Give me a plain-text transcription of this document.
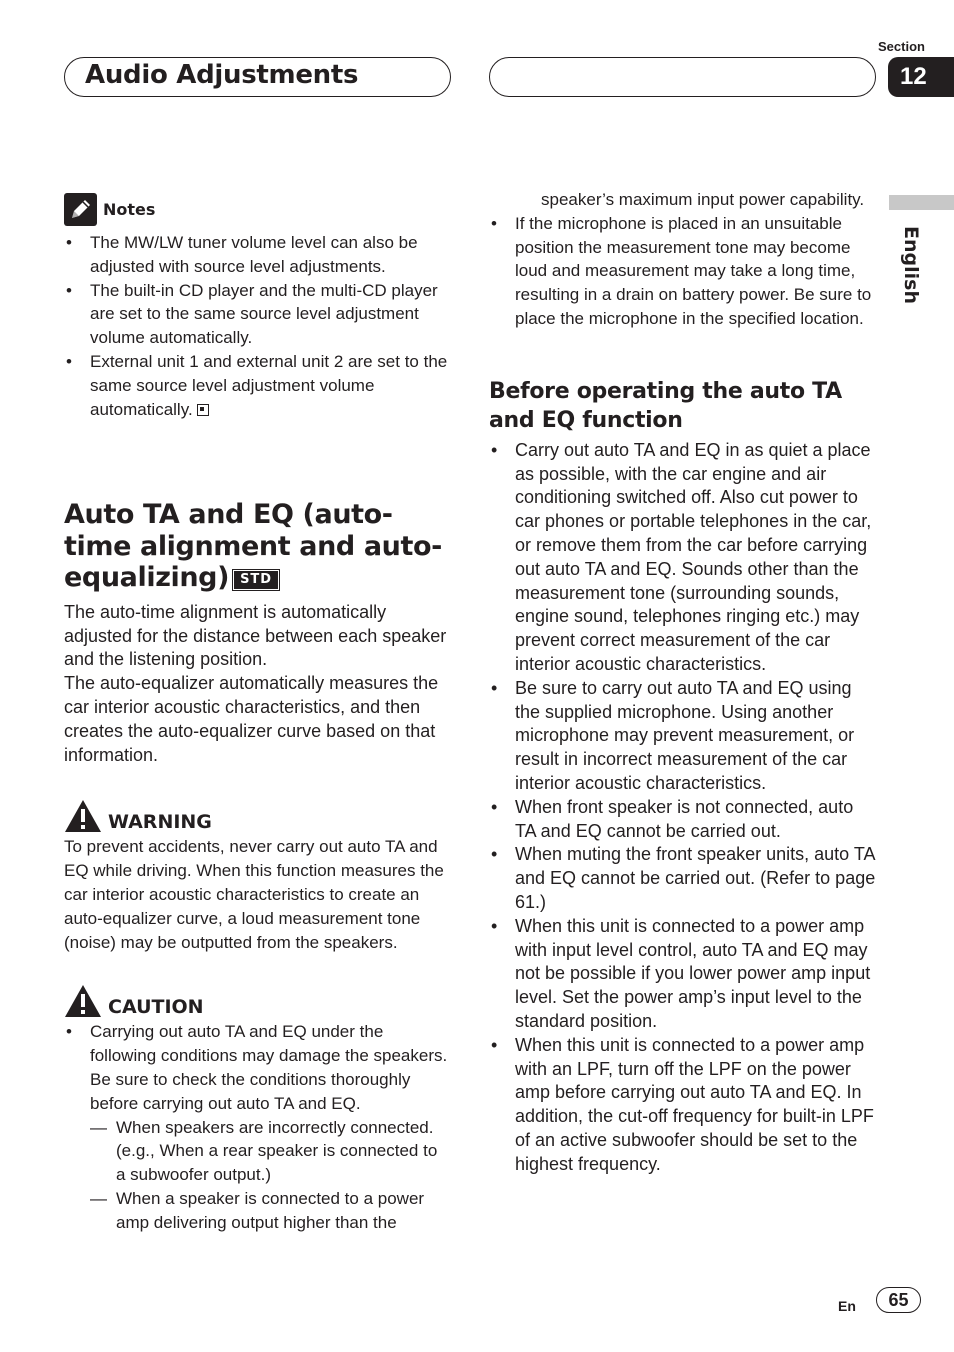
Audio Adjustments
Section
12
English
Notes
• The MW/LW tuner volume level can also be adjusted with source level adjustments.
• The built-in CD player and the multi-CD player are set to the same source level adjustment volume automatically.
• External unit 1 and external unit 2 are set to the same source level adjustment volume automatically.
Auto TA and EQ (auto-time alignment and auto-equalizing) STD
The auto-time alignment is automatically adjusted for the distance between each speaker and the listening position.
The auto-equalizer automatically measures the car interior acoustic characteristics, and then creates the auto-equalizer curve based on that information.
WARNING
To prevent accidents, never carry out auto TA and EQ while driving. When this function measures the car interior acoustic characteristics to create an auto-equalizer curve, a loud measurement tone (noise) may be outputted from the speakers.
CAUTION
• Carrying out auto TA and EQ under the following conditions may damage the speakers. Be sure to check the conditions thoroughly before carrying out auto TA and EQ.
— When speakers are incorrectly connected. (e.g., When a rear speaker is connected to a subwoofer output.)
— When a speaker is connected to a power amp delivering output higher than the
speaker’s maximum input power capability.
• If the microphone is placed in an unsuitable position the measurement tone may become loud and measurement may take a long time, resulting in a drain on battery power. Be sure to place the microphone in the specified location.
Before operating the auto TA and EQ function
• Carry out auto TA and EQ in as quiet a place as possible, with the car engine and air conditioning switched off. Also cut power to car phones or portable telephones in the car, or remove them from the car before carrying out auto TA and EQ. Sounds other than the measurement tone (surrounding sounds, engine sound, telephones ringing etc.) may prevent correct measurement of the car interior acoustic characteristics.
• Be sure to carry out auto TA and EQ using the supplied microphone. Using another microphone may prevent measurement, or result in incorrect measurement of the car interior acoustic characteristics.
• When front speaker is not connected, auto TA and EQ cannot be carried out.
• When muting the front speaker units, auto TA and EQ cannot be carried out. (Refer to page 61.)
• When this unit is connected to a power amp with input level control, auto TA and EQ may not be possible if you lower power amp input level. Set the power amp’s input level to the standard position.
• When this unit is connected to a power amp with an LPF, turn off the LPF on the power amp before carrying out auto TA and EQ. In addition, the cut-off frequency for built-in LPF of an active subwoofer should be set to the highest frequency.
En	65
